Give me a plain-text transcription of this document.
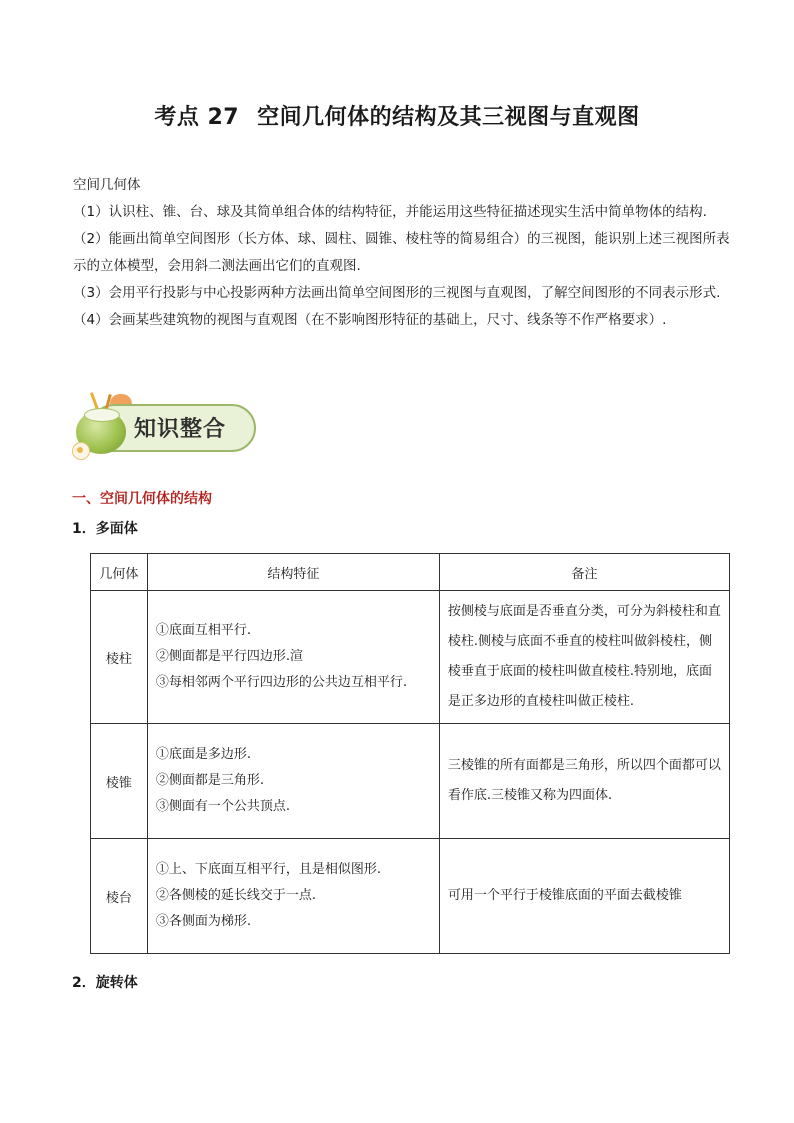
考点 27 空间几何体的结构及其三视图与直观图

空间几何体

（1）认识柱、锥、台、球及其简单组合体的结构特征，并能运用这些特征描述现实生活中简单物体的结构.

（2）能画出简单空间图形（长方体、球、圆柱、圆锥、棱柱等的简易组合）的三视图，能识别上述三视图所表示的立体模型，会用斜二测法画出它们的直观图.

（3）会用平行投影与中心投影两种方法画出简单空间图形的三视图与直观图，了解空间图形的不同表示形式.

（4）会画某些建筑物的视图与直观图（在不影响图形特征的基础上，尺寸、线条等不作严格要求）.

知识整合
一、空间几何体的结构
1．多面体
几何体	结构特征	备注
棱柱	①底面互相平行.
②侧面都是平行四边形.渲
③每相邻两个平行四边形的公共边互相平行.	按侧棱与底面是否垂直分类，可分为斜棱柱和直棱柱.侧棱与底面不垂直的棱柱叫做斜棱柱，侧棱垂直于底面的棱柱叫做直棱柱.特别地，底面是正多边形的直棱柱叫做正棱柱.

棱锥	①底面是多边形.
②侧面都是三角形.
③侧面有一个公共顶点.	三棱锥的所有面都是三角形，所以四个面都可以看作底.三棱锥又称为四面体.

棱台	①上、下底面互相平行，且是相似图形.
②各侧棱的延长线交于一点.
③各侧面为梯形.	可用一个平行于棱锥底面的平面去截棱锥
2．旋转体
